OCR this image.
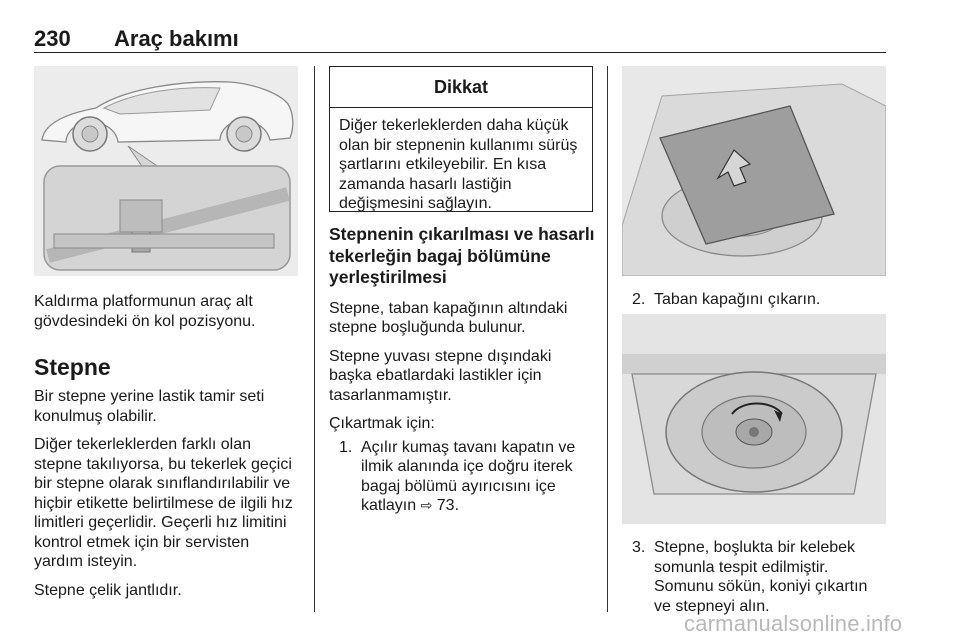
230 Araç bakımı

Kaldırma platformunun araç alt gövdesindeki ön kol pozisyonu.

Stepne

Bir stepne yerine lastik tamir seti konulmuş olabilir.

Diğer tekerleklerden farklı olan stepne takılıyorsa, bu tekerlek geçici bir stepne olarak sınıflandırılabilir ve hiçbir etikette belirtilmese de ilgili hız limitleri geçerlidir. Geçerli hız limitini kontrol etmek için bir servisten yardım isteyin.

Stepne çelik jantlıdır.

Dikkat
Diğer tekerleklerden daha küçük olan bir stepnenin kullanımı sürüş şartlarını etkileyebilir. En kısa zamanda hasarlı lastiğin değişmesini sağlayın.
Stepnenin çıkarılması ve hasarlı tekerleğin bagaj bölümüne yerleştirilmesi

Stepne, taban kapağının altındaki stepne boşluğunda bulunur.

Stepne yuvası stepne dışındaki başka ebatlardaki lastikler için tasarlanmamıştır.

Çıkartmak için:

1. Açılır kumaş tavanı kapatın ve ilmik alanında içe doğru iterek bagaj bölümü ayırıcısını içe katlayın ⇨ 73.
2. Taban kapağını çıkarın.
3. Stepne, boşlukta bir kelebek somunla tespit edilmiştir. Somunu sökün, koniyi çıkartın ve stepneyi alın.
carmanualsonline.info
